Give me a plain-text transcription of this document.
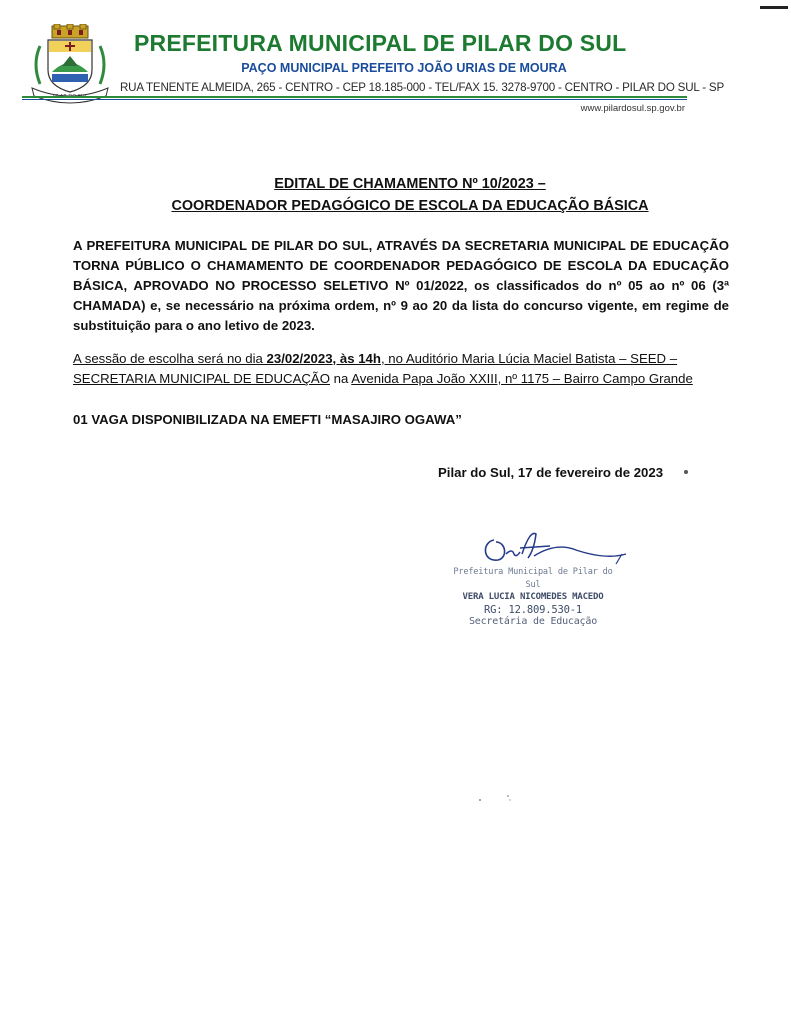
PREFEITURA MUNICIPAL DE PILAR DO SUL
PAÇO MUNICIPAL PREFEITO JOÃO URIAS DE MOURA
RUA TENENTE ALMEIDA, 265 - CENTRO - CEP 18.185-000 - TEL/FAX 15. 3278-9700 - CENTRO - PILAR DO SUL - SP
www.pilardosul.sp.gov.br
EDITAL DE CHAMAMENTO Nº 10/2023 –
COORDENADOR PEDAGÓGICO DE ESCOLA DA EDUCAÇÃO BÁSICA
A PREFEITURA MUNICIPAL DE PILAR DO SUL, ATRAVÉS DA SECRETARIA MUNICIPAL DE EDUCAÇÃO TORNA PÚBLICO O CHAMAMENTO DE COORDENADOR PEDAGÓGICO DE ESCOLA DA EDUCAÇÃO BÁSICA, APROVADO NO PROCESSO SELETIVO Nº 01/2022, os classificados do nº 05 ao nº 06 (3ª CHAMADA) e, se necessário na próxima ordem, nº 9 ao 20 da lista do concurso vigente, em regime de substituição para o ano letivo de 2023.
A sessão de escolha será no dia 23/02/2023, às 14h, no Auditório Maria Lúcia Maciel Batista – SEED – SECRETARIA MUNICIPAL DE EDUCAÇÃO na Avenida Papa João XXIII, nº 1175 – Bairro Campo Grande
01 VAGA DISPONIBILIZADA NA EMEFTI “MASAJIRO OGAWA”
Pilar do Sul, 17 de fevereiro de 2023
Prefeitura Municipal de Pilar do Sul
VERA LUCIA NICOMEDES MACEDO
RG: 12.809.530-1
Secretária de Educação
